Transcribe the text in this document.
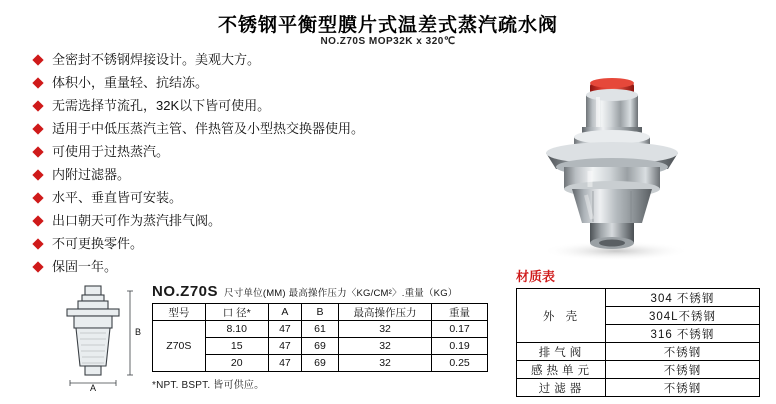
不锈钢平衡型膜片式温差式蒸汽疏水阀
NO.Z70S MOP32K x 320℃
全密封不锈钢焊接设计。美观大方。
体积小，重量轻、抗结冻。
无需选择节流孔，32K以下皆可使用。
适用于中低压蒸汽主管、伴热管及小型热交换器使用。
可使用于过热蒸汽。
内附过滤器。
水平、垂直皆可安装。
出口朝天可作为蒸汽排气阀。
不可更换零件。
保固一年。
A
B
NO.Z70S 尺寸单位(MM) 最高操作压力〈KG/CM²〉.重量（KG）
型号	口 径*	A	B	最高操作压力	重量
Z70S	8.10	47	61	32	0.17
	15	47	69	32	0.19
	20	47	69	32	0.25
*NPT. BSPT. 皆可供应。
材质表
外 壳	304 不锈钢
	304L不锈钢
	316 不锈钢
排气阀	不锈钢
感热单元	不锈钢
过滤器	不锈钢
